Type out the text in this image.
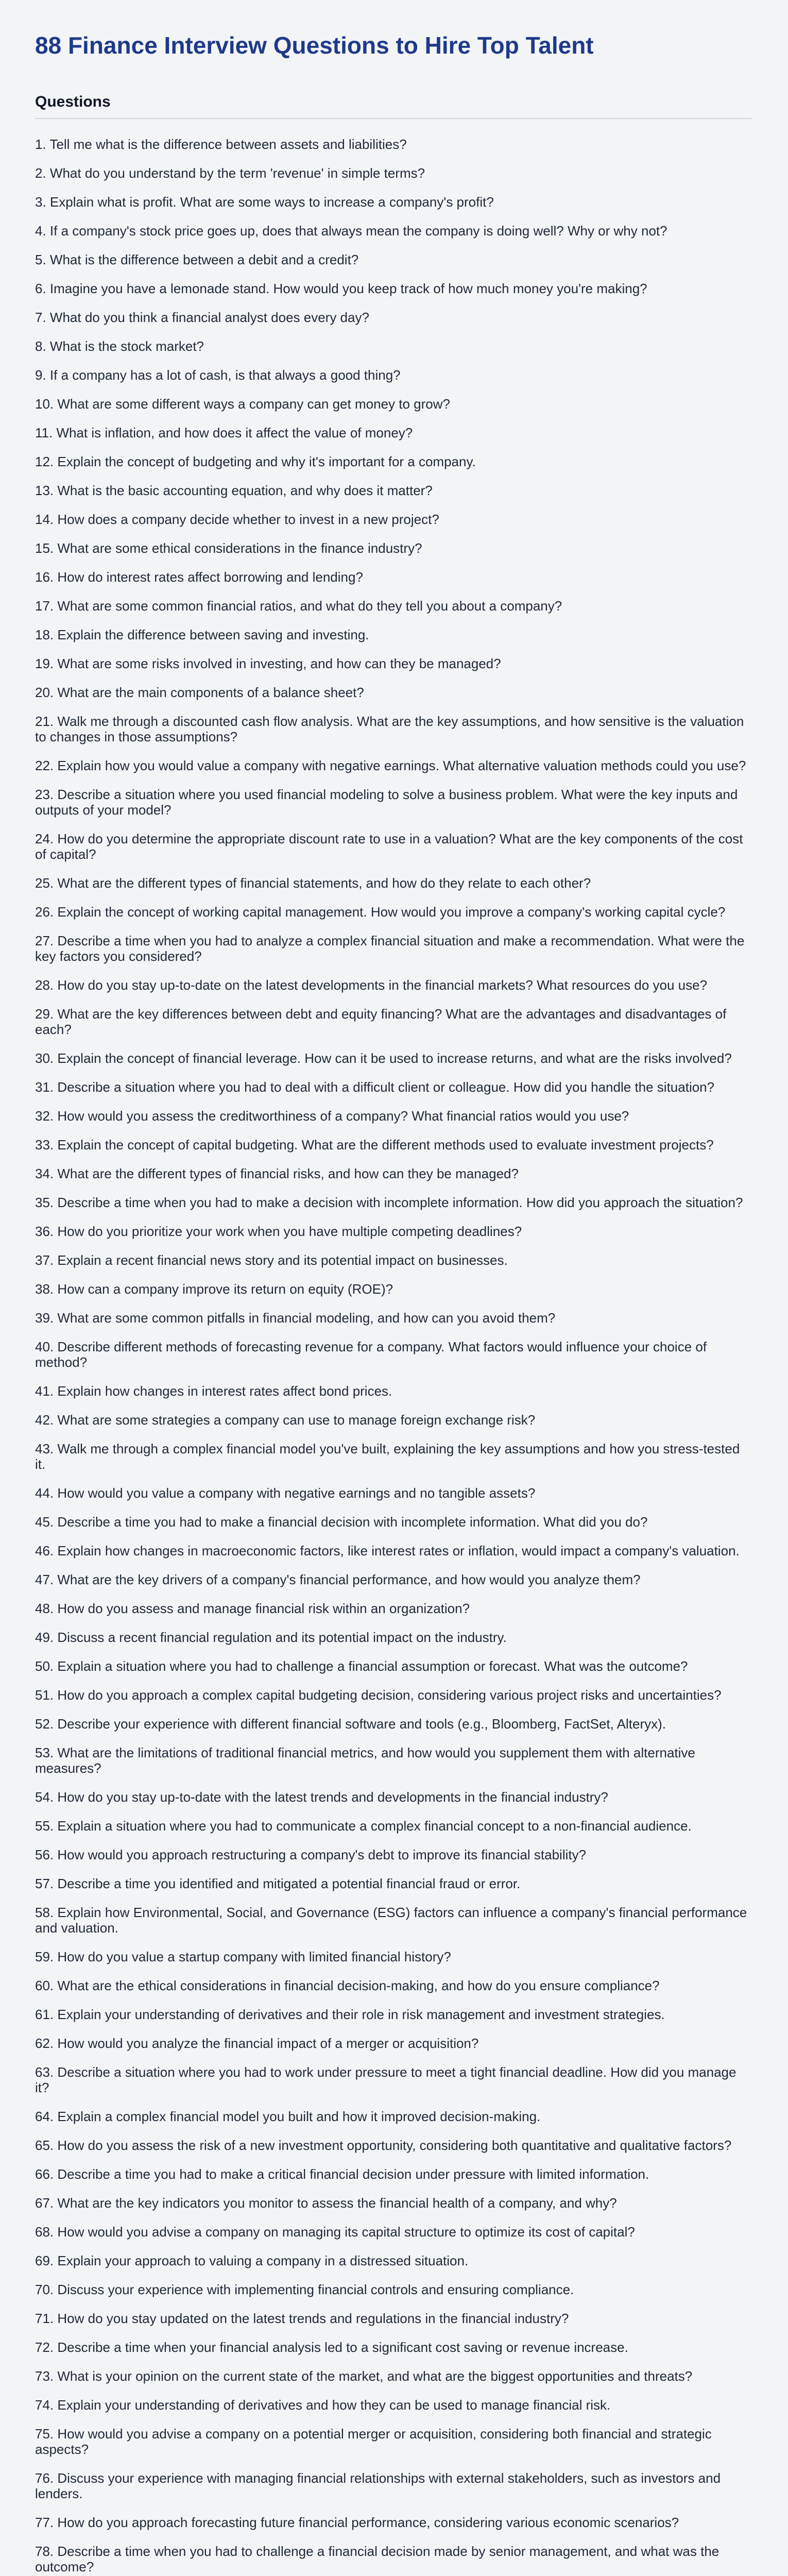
88 Finance Interview Questions to Hire Top Talent
Questions
1. Tell me what is the difference between assets and liabilities?
2. What do you understand by the term 'revenue' in simple terms?
3. Explain what is profit. What are some ways to increase a company's profit?
4. If a company's stock price goes up, does that always mean the company is doing well? Why or why not?
5. What is the difference between a debit and a credit?
6. Imagine you have a lemonade stand. How would you keep track of how much money you're making?
7. What do you think a financial analyst does every day?
8. What is the stock market?
9. If a company has a lot of cash, is that always a good thing?
10. What are some different ways a company can get money to grow?
11. What is inflation, and how does it affect the value of money?
12. Explain the concept of budgeting and why it's important for a company.
13. What is the basic accounting equation, and why does it matter?
14. How does a company decide whether to invest in a new project?
15. What are some ethical considerations in the finance industry?
16. How do interest rates affect borrowing and lending?
17. What are some common financial ratios, and what do they tell you about a company?
18. Explain the difference between saving and investing.
19. What are some risks involved in investing, and how can they be managed?
20. What are the main components of a balance sheet?
21. Walk me through a discounted cash flow analysis. What are the key assumptions, and how sensitive is the valuation to changes in those assumptions?
22. Explain how you would value a company with negative earnings. What alternative valuation methods could you use?
23. Describe a situation where you used financial modeling to solve a business problem. What were the key inputs and outputs of your model?
24. How do you determine the appropriate discount rate to use in a valuation? What are the key components of the cost of capital?
25. What are the different types of financial statements, and how do they relate to each other?
26. Explain the concept of working capital management. How would you improve a company's working capital cycle?
27. Describe a time when you had to analyze a complex financial situation and make a recommendation. What were the key factors you considered?
28. How do you stay up-to-date on the latest developments in the financial markets? What resources do you use?
29. What are the key differences between debt and equity financing? What are the advantages and disadvantages of each?
30. Explain the concept of financial leverage. How can it be used to increase returns, and what are the risks involved?
31. Describe a situation where you had to deal with a difficult client or colleague. How did you handle the situation?
32. How would you assess the creditworthiness of a company? What financial ratios would you use?
33. Explain the concept of capital budgeting. What are the different methods used to evaluate investment projects?
34. What are the different types of financial risks, and how can they be managed?
35. Describe a time when you had to make a decision with incomplete information. How did you approach the situation?
36. How do you prioritize your work when you have multiple competing deadlines?
37. Explain a recent financial news story and its potential impact on businesses.
38. How can a company improve its return on equity (ROE)?
39. What are some common pitfalls in financial modeling, and how can you avoid them?
40. Describe different methods of forecasting revenue for a company. What factors would influence your choice of method?
41. Explain how changes in interest rates affect bond prices.
42. What are some strategies a company can use to manage foreign exchange risk?
43. Walk me through a complex financial model you've built, explaining the key assumptions and how you stress-tested it.
44. How would you value a company with negative earnings and no tangible assets?
45. Describe a time you had to make a financial decision with incomplete information. What did you do?
46. Explain how changes in macroeconomic factors, like interest rates or inflation, would impact a company's valuation.
47. What are the key drivers of a company's financial performance, and how would you analyze them?
48. How do you assess and manage financial risk within an organization?
49. Discuss a recent financial regulation and its potential impact on the industry.
50. Explain a situation where you had to challenge a financial assumption or forecast. What was the outcome?
51. How do you approach a complex capital budgeting decision, considering various project risks and uncertainties?
52. Describe your experience with different financial software and tools (e.g., Bloomberg, FactSet, Alteryx).
53. What are the limitations of traditional financial metrics, and how would you supplement them with alternative measures?
54. How do you stay up-to-date with the latest trends and developments in the financial industry?
55. Explain a situation where you had to communicate a complex financial concept to a non-financial audience.
56. How would you approach restructuring a company's debt to improve its financial stability?
57. Describe a time you identified and mitigated a potential financial fraud or error.
58. Explain how Environmental, Social, and Governance (ESG) factors can influence a company's financial performance and valuation.
59. How do you value a startup company with limited financial history?
60. What are the ethical considerations in financial decision-making, and how do you ensure compliance?
61. Explain your understanding of derivatives and their role in risk management and investment strategies.
62. How would you analyze the financial impact of a merger or acquisition?
63. Describe a situation where you had to work under pressure to meet a tight financial deadline. How did you manage it?
64. Explain a complex financial model you built and how it improved decision-making.
65. How do you assess the risk of a new investment opportunity, considering both quantitative and qualitative factors?
66. Describe a time you had to make a critical financial decision under pressure with limited information.
67. What are the key indicators you monitor to assess the financial health of a company, and why?
68. How would you advise a company on managing its capital structure to optimize its cost of capital?
69. Explain your approach to valuing a company in a distressed situation.
70. Discuss your experience with implementing financial controls and ensuring compliance.
71. How do you stay updated on the latest trends and regulations in the financial industry?
72. Describe a time when your financial analysis led to a significant cost saving or revenue increase.
73. What is your opinion on the current state of the market, and what are the biggest opportunities and threats?
74. Explain your understanding of derivatives and how they can be used to manage financial risk.
75. How would you advise a company on a potential merger or acquisition, considering both financial and strategic aspects?
76. Discuss your experience with managing financial relationships with external stakeholders, such as investors and lenders.
77. How do you approach forecasting future financial performance, considering various economic scenarios?
78. Describe a time when you had to challenge a financial decision made by senior management, and what was the outcome?
